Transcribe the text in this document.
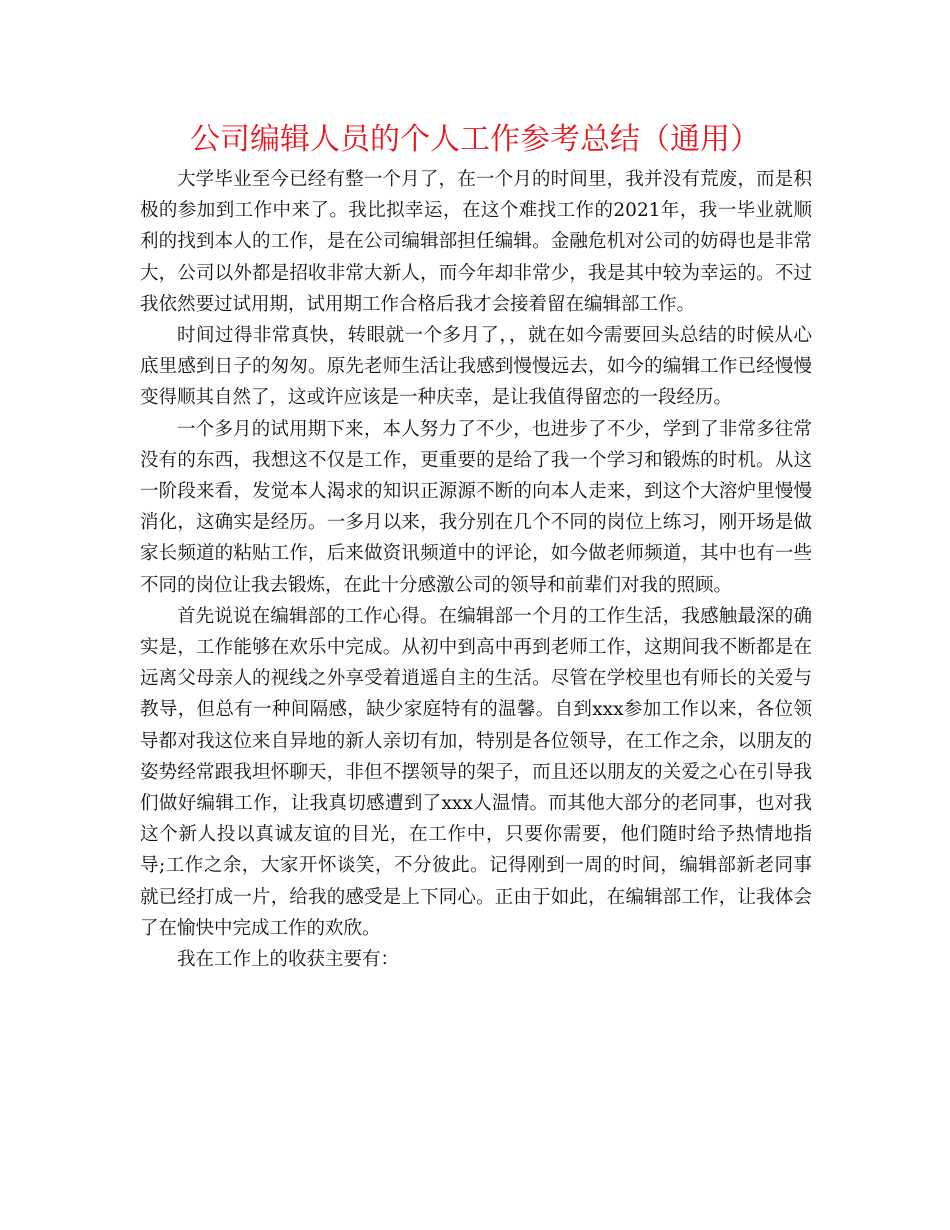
公司编辑人员的个人工作参考总结（通用）

大学毕业至今已经有整一个月了，在一个月的时间里，我并没有荒废，而是积极的参加到工作中来了。我比拟幸运，在这个难找工作的2021年，我一毕业就顺利的找到本人的工作，是在公司编辑部担任编辑。金融危机对公司的妨碍也是非常大，公司以外都是招收非常大新人，而今年却非常少，我是其中较为幸运的。不过我依然要过试用期，试用期工作合格后我才会接着留在编辑部工作。

时间过得非常真快，转眼就一个多月了，，就在如今需要回头总结的时候从心底里感到日子的匆匆。原先老师生活让我感到慢慢远去，如今的编辑工作已经慢慢变得顺其自然了，这或许应该是一种庆幸，是让我值得留恋的一段经历。

一个多月的试用期下来，本人努力了不少，也进步了不少，学到了非常多往常没有的东西，我想这不仅是工作，更重要的是给了我一个学习和锻炼的时机。从这一阶段来看，发觉本人渴求的知识正源源不断的向本人走来，到这个大溶炉里慢慢消化，这确实是经历。一多月以来，我分别在几个不同的岗位上练习，刚开场是做家长频道的粘贴工作，后来做资讯频道中的评论，如今做老师频道，其中也有一些不同的岗位让我去锻炼，在此十分感激公司的领导和前辈们对我的照顾。

首先说说在编辑部的工作心得。在编辑部一个月的工作生活，我感触最深的确实是，工作能够在欢乐中完成。从初中到高中再到老师工作，这期间我不断都是在远离父母亲人的视线之外享受着逍遥自主的生活。尽管在学校里也有师长的关爱与教导，但总有一种间隔感，缺少家庭特有的温馨。自到xxx参加工作以来，各位领导都对我这位来自异地的新人亲切有加，特别是各位领导，在工作之余，以朋友的姿势经常跟我坦怀聊天，非但不摆领导的架子，而且还以朋友的关爱之心在引导我们做好编辑工作，让我真切感遭到了xxx人温情。而其他大部分的老同事，也对我这个新人投以真诚友谊的目光，在工作中，只要你需要，他们随时给予热情地指导;工作之余，大家开怀谈笑，不分彼此。记得刚到一周的时间，编辑部新老同事就已经打成一片，给我的感受是上下同心。正由于如此，在编辑部工作，让我体会了在愉快中完成工作的欢欣。

我在工作上的收获主要有：
